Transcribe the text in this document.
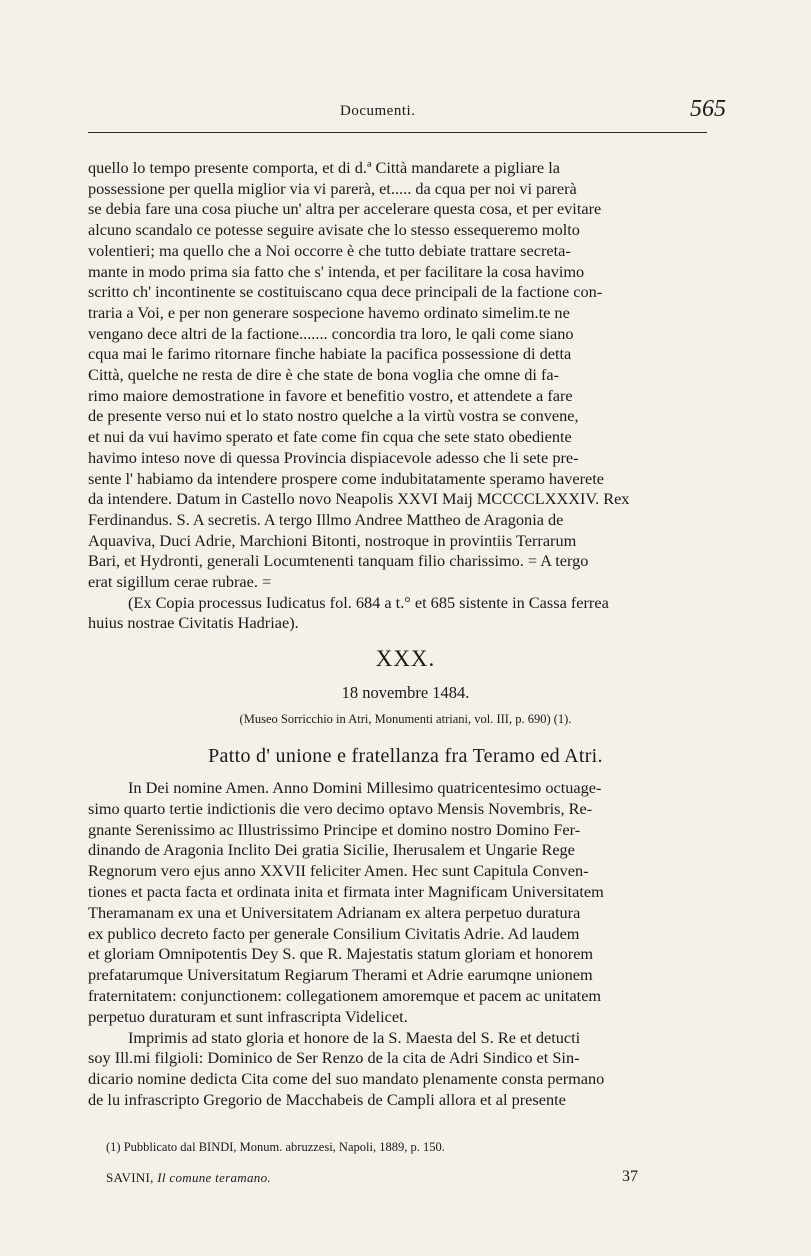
Documenti.	565

quello lo tempo presente comporta, et di d.ª Città mandarete a pigliare la

possessione per quella miglior via vi parerà, et..... da cqua per noi vi parerà

se debia fare una cosa piuche un' altra per accelerare questa cosa, et per evitare

alcuno scandalo ce potesse seguire avisate che lo stesso essequeremo molto

volentieri; ma quello che a Noi occorre è che tutto debiate trattare secreta-

mante in modo prima sia fatto che s' intenda, et per facilitare la cosa havimo

scritto ch' incontinente se costituiscano cqua dece principali de la factione con-

traria a Voi, e per non generare sospecione havemo ordinato simelim.te ne

vengano dece altri de la factione....... concordia tra loro, le qali come siano

cqua mai le farimo ritornare finche habiate la pacifica possessione di detta

Città, quelche ne resta de dire è che state de bona voglia che omne di fa-

rimo maiore demostratione in favore et benefitio vostro, et attendete a fare

de presente verso nui et lo stato nostro quelche a la virtù vostra se convene,

et nui da vui havimo sperato et fate come fin cqua che sete stato obediente

havimo inteso nove di quessa Provincia dispiacevole adesso che li sete pre-

sente l' habiamo da intendere prospere come indubitatamente speramo haverete

da intendere. Datum in Castello novo Neapolis XXVI Maij MCCCCLXXXIV. Rex

Ferdinandus. S. A secretis. A tergo Illmo Andree Mattheo de Aragonia de

Aquaviva, Duci Adrie, Marchioni Bitonti, nostroque in provintiis Terrarum

Bari, et Hydronti, generali Locumtenenti tanquam filio charissimo. = A tergo

erat sigillum cerae rubrae. =

(Ex Copia processus Iudicatus fol. 684 a t.° et 685 sistente in Cassa ferrea

huius nostrae Civitatis Hadriae).

XXX.
18 novembre 1484.
(Museo Sorricchio in Atri, Monumenti atriani, vol. III, p. 690) (1).
Patto d' unione e fratellanza fra Teramo ed Atri.

In Dei nomine Amen. Anno Domini Millesimo quatricentesimo octuage-

simo quarto tertie indictionis die vero decimo optavo Mensis Novembris, Re-
gnante Serenissimo ac Illustrissimo Principe et domino nostro Domino Fer-
dinando de Aragonia Inclito Dei gratia Sicilie, Iherusalem et Ungarie Rege
Regnorum vero ejus anno XXVII feliciter Amen. Hec sunt Capitula Conven-
tiones et pacta facta et ordinata inita et firmata inter Magnificam Universitatem
Theramanam ex una et Universitatem Adrianam ex altera perpetuo duratura
ex publico decreto facto per generale Consilium Civitatis Adrie. Ad laudem
et gloriam Omnipotentis Dey S. que R. Majestatis statum gloriam et honorem
prefatarumque Universitatum Regiarum Therami et Adrie earumqne unionem
fraternitatem: conjunctionem: collegationem amoremque et pacem ac unitatem
perpetuo duraturam et sunt infrascripta Videlicet.

Imprimis ad stato gloria et honore de la S. Maesta del S. Re et detucti

soy Ill.mi filgioli: Dominico de Ser Renzo de la cita de Adri Sindico et Sin-
dicario nomine dedicta Cita come del suo mandato plenamente consta permano
de lu infrascripto Gregorio de Macchabeis de Campli allora et al presente
(1) Pubblicato dal BINDI, Monum. abruzzesi, Napoli, 1889, p. 150.
SAVINI, Il comune teramano.	37
